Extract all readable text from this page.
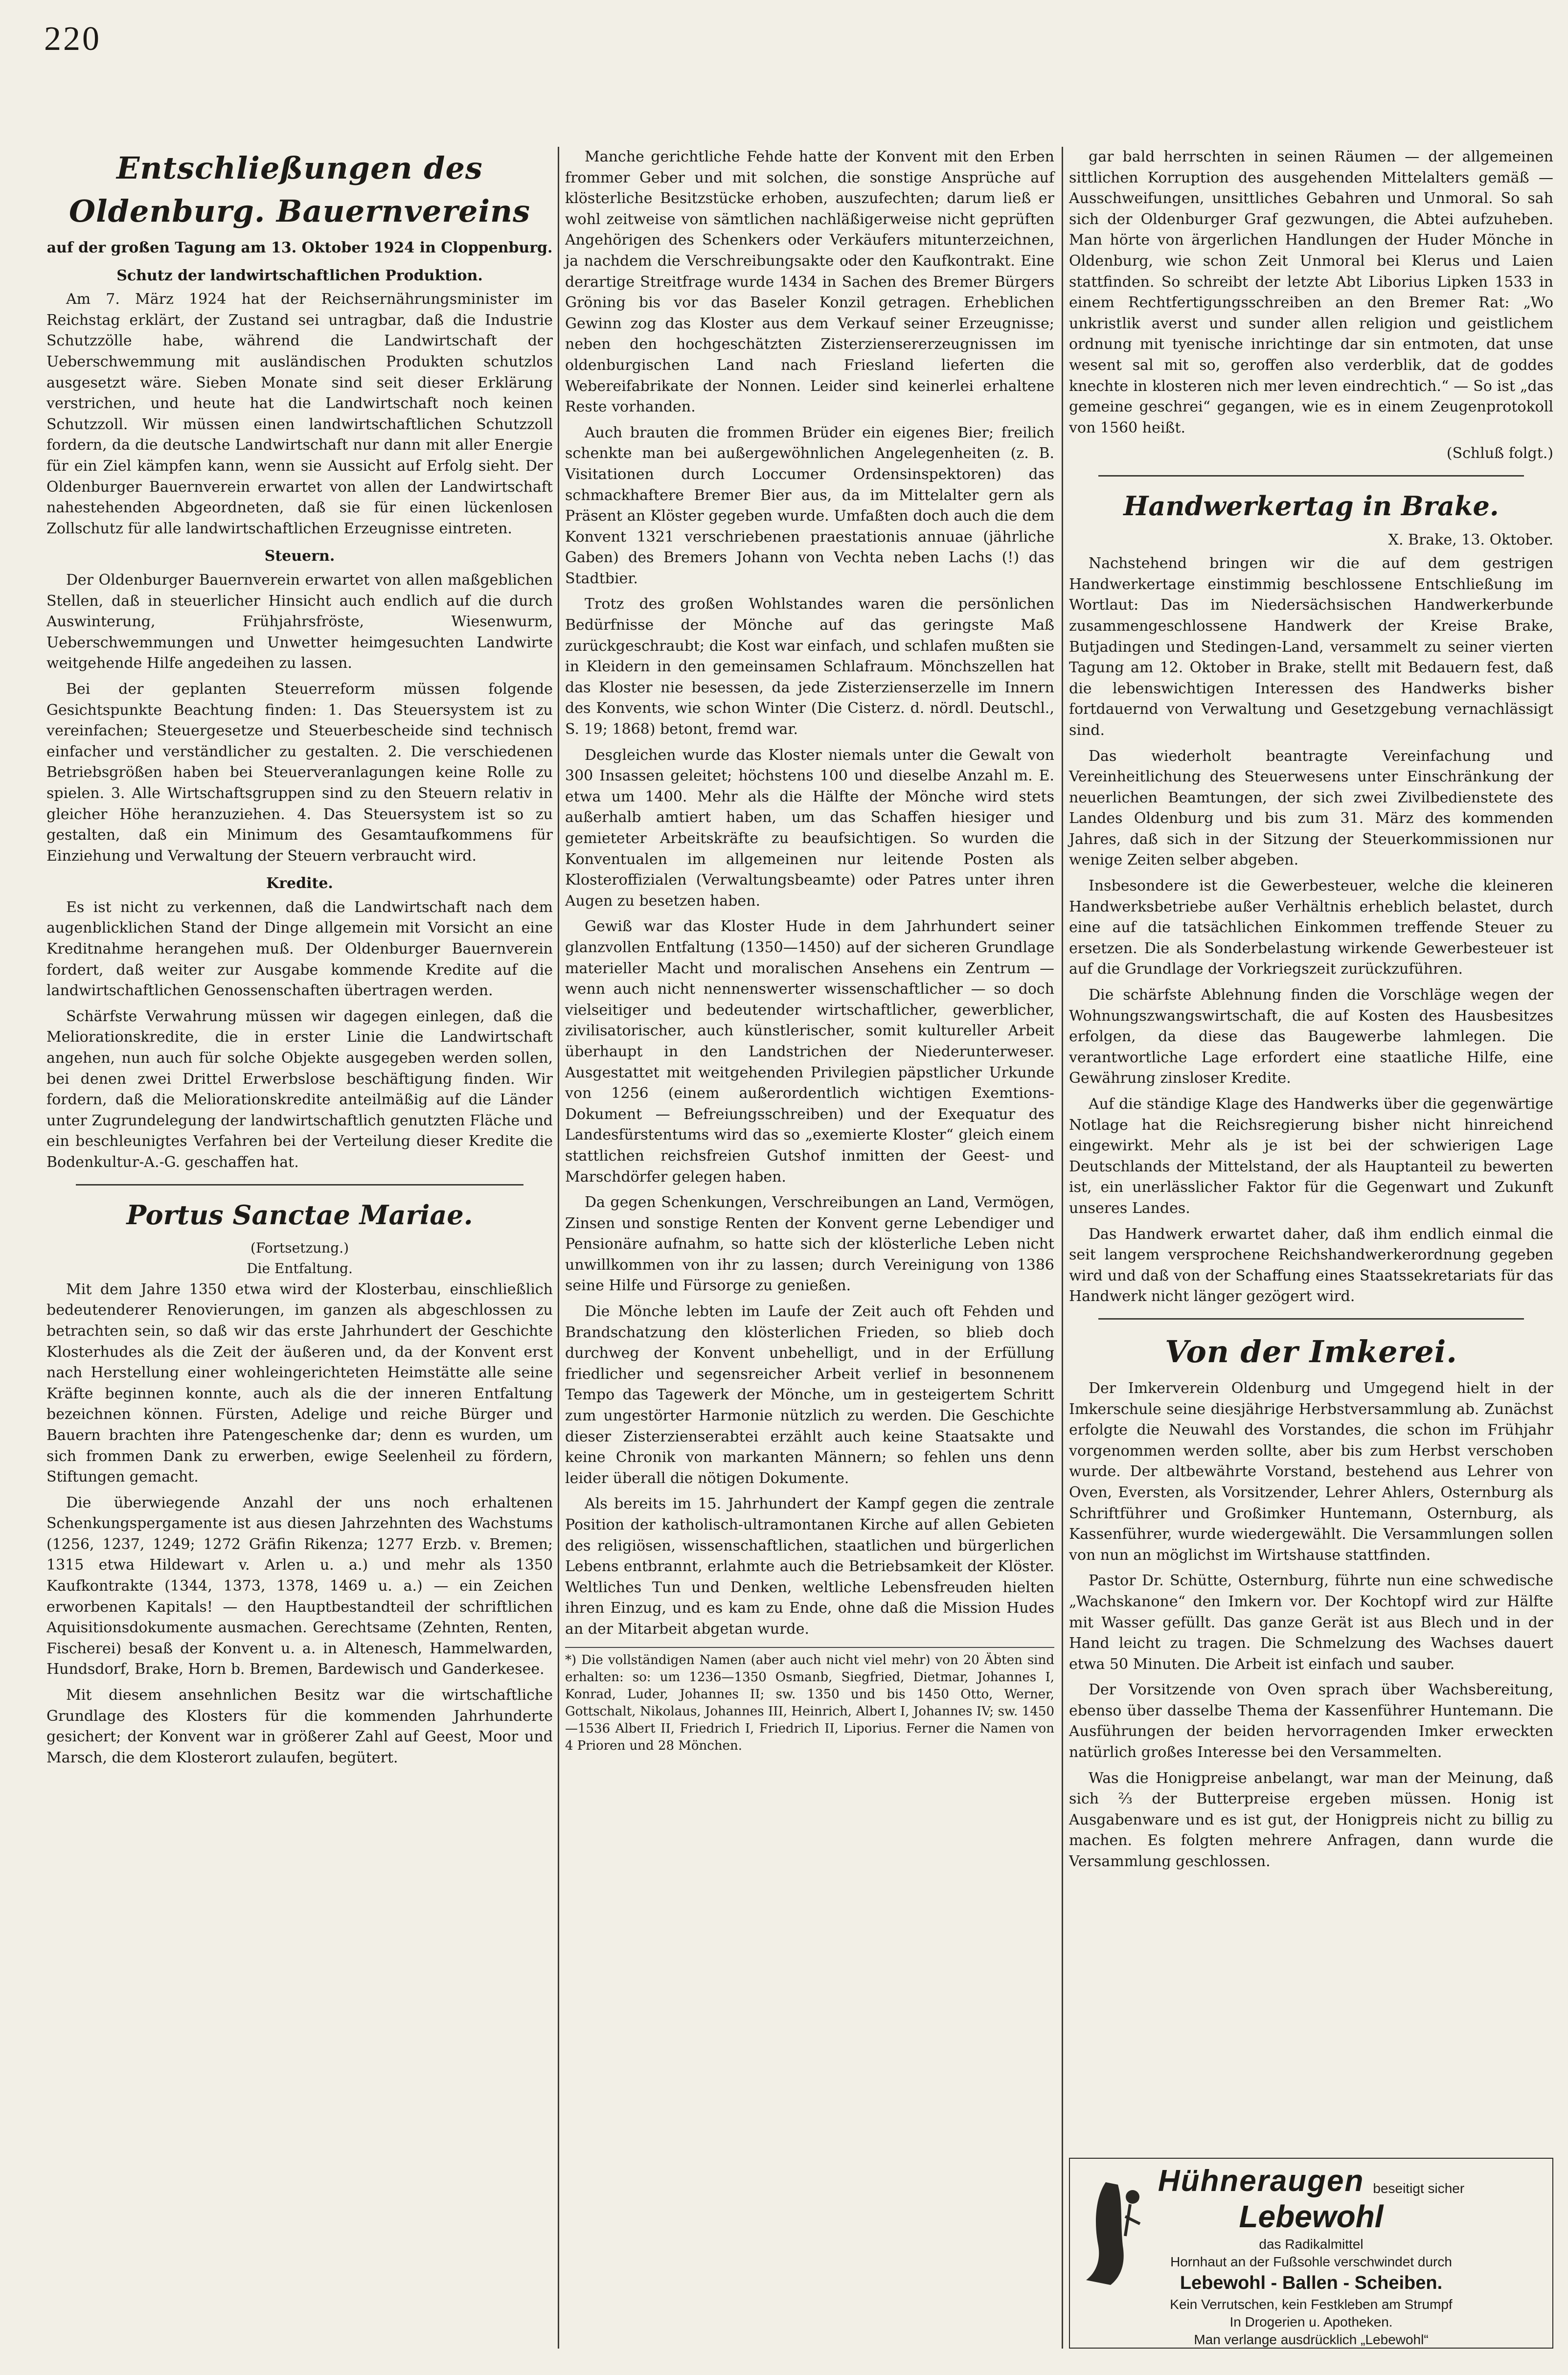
220
Entschließungen des Oldenburg. Bauernvereins
auf der großen Tagung am 13. Oktober 1924 in Cloppenburg.
Schutz der landwirtschaftlichen Produktion.

Am 7. März 1924 hat der Reichsernährungsminister im Reichstag erklärt, der Zustand sei untragbar, daß die Industrie Schutzzölle habe, während die Landwirtschaft der Ueberschwemmung mit ausländischen Produkten schutzlos ausgesetzt wäre. Sieben Monate sind seit dieser Erklärung verstrichen, und heute hat die Landwirtschaft noch keinen Schutzzoll. Wir müssen einen landwirtschaftlichen Schutzzoll fordern, da die deutsche Landwirtschaft nur dann mit aller Energie für ein Ziel kämpfen kann, wenn sie Aussicht auf Erfolg sieht. Der Oldenburger Bauernverein erwartet von allen der Landwirtschaft nahestehenden Abgeordneten, daß sie für einen lückenlosen Zollschutz für alle landwirtschaftlichen Erzeugnisse eintreten.

Steuern.

Der Oldenburger Bauernverein erwartet von allen maßgeblichen Stellen, daß in steuerlicher Hinsicht auch endlich auf die durch Auswinterung, Frühjahrsfröste, Wiesenwurm, Ueberschwemmungen und Unwetter heimgesuchten Landwirte weitgehende Hilfe angedeihen zu lassen.

Bei der geplanten Steuerreform müssen folgende Gesichtspunkte Beachtung finden: 1. Das Steuersystem ist zu vereinfachen; Steuergesetze und Steuerbescheide sind technisch einfacher und verständlicher zu gestalten. 2. Die verschiedenen Betriebsgrößen haben bei Steuerveranlagungen keine Rolle zu spielen. 3. Alle Wirtschaftsgruppen sind zu den Steuern relativ in gleicher Höhe heranzuziehen. 4. Das Steuersystem ist so zu gestalten, daß ein Minimum des Gesamtaufkommens für Einziehung und Verwaltung der Steuern verbraucht wird.

Kredite.

Es ist nicht zu verkennen, daß die Landwirtschaft nach dem augenblicklichen Stand der Dinge allgemein mit Vorsicht an eine Kreditnahme herangehen muß. Der Oldenburger Bauernverein fordert, daß weiter zur Ausgabe kommende Kredite auf die landwirtschaftlichen Genossenschaften übertragen werden.

Schärfste Verwahrung müssen wir dagegen einlegen, daß die Meliorationskredite, die in erster Linie die Landwirtschaft angehen, nun auch für solche Objekte ausgegeben werden sollen, bei denen zwei Drittel Erwerbslose beschäftigung finden. Wir fordern, daß die Meliorationskredite anteilmäßig auf die Länder unter Zugrundelegung der landwirtschaftlich genutzten Fläche und ein beschleunigtes Verfahren bei der Verteilung dieser Kredite die Bodenkultur-A.-G. geschaffen hat.

Portus Sanctae Mariae.
(Fortsetzung.)
Die Entfaltung.

Mit dem Jahre 1350 etwa wird der Klosterbau, einschließlich bedeutenderer Renovierungen, im ganzen als abgeschlossen zu betrachten sein, so daß wir das erste Jahrhundert der Geschichte Klosterhudes als die Zeit der äußeren und, da der Konvent erst nach Herstellung einer wohleingerichteten Heimstätte alle seine Kräfte beginnen konnte, auch als die der inneren Entfaltung bezeichnen können. Fürsten, Adelige und reiche Bürger und Bauern brachten ihre Patengeschenke dar; denn es wurden, um sich frommen Dank zu erwerben, ewige Seelenheil zu fördern, Stiftungen gemacht.

Die überwiegende Anzahl der uns noch erhaltenen Schenkungspergamente ist aus diesen Jahrzehnten des Wachstums (1256, 1237, 1249; 1272 Gräfin Rikenza; 1277 Erzb. v. Bremen; 1315 etwa Hildewart v. Arlen u. a.) und mehr als 1350 Kaufkontrakte (1344, 1373, 1378, 1469 u. a.) — ein Zeichen erworbenen Kapitals! — den Hauptbestandteil der schriftlichen Aquisitionsdokumente ausmachen. Gerechtsame (Zehnten, Renten, Fischerei) besaß der Konvent u. a. in Altenesch, Hammelwarden, Hundsdorf, Brake, Horn b. Bremen, Bardewisch und Ganderkesee.

Mit diesem ansehnlichen Besitz war die wirtschaftliche Grundlage des Klosters für die kommenden Jahrhunderte gesichert; der Konvent war in größerer Zahl auf Geest, Moor und Marsch, die dem Klosterort zulaufen, begütert.

Manche gerichtliche Fehde hatte der Konvent mit den Erben frommer Geber und mit solchen, die sonstige Ansprüche auf klösterliche Besitzstücke erhoben, auszufechten; darum ließ er wohl zeitweise von sämtlichen nachläßigerweise nicht geprüften Angehörigen des Schenkers oder Verkäufers mitunterzeichnen, ja nachdem die Verschreibungsakte oder den Kaufkontrakt. Eine derartige Streitfrage wurde 1434 in Sachen des Bremer Bürgers Gröning bis vor das Baseler Konzil getragen. Erheblichen Gewinn zog das Kloster aus dem Verkauf seiner Erzeugnisse; neben den hochgeschätzten Zisterziensererzeugnissen im oldenburgischen Land nach Friesland lieferten die Webereifabrikate der Nonnen. Leider sind keinerlei erhaltene Reste vorhanden.

Auch brauten die frommen Brüder ein eigenes Bier; freilich schenkte man bei außergewöhnlichen Angelegenheiten (z. B. Visitationen durch Loccumer Ordensinspektoren) das schmackhaftere Bremer Bier aus, da im Mittelalter gern als Präsent an Klöster gegeben wurde. Umfaßten doch auch die dem Konvent 1321 verschriebenen praestationis annuae (jährliche Gaben) des Bremers Johann von Vechta neben Lachs (!) das Stadtbier.

Trotz des großen Wohlstandes waren die persönlichen Bedürfnisse der Mönche auf das geringste Maß zurückgeschraubt; die Kost war einfach, und schlafen mußten sie in Kleidern in den gemeinsamen Schlafraum. Mönchszellen hat das Kloster nie besessen, da jede Zisterzienserzelle im Innern des Konvents, wie schon Winter (Die Cisterz. d. nördl. Deutschl., S. 19; 1868) betont, fremd war.

Desgleichen wurde das Kloster niemals unter die Gewalt von 300 Insassen geleitet; höchstens 100 und dieselbe Anzahl m. E. etwa um 1400. Mehr als die Hälfte der Mönche wird stets außerhalb amtiert haben, um das Schaffen hiesiger und gemieteter Arbeitskräfte zu beaufsichtigen. So wurden die Konventualen im allgemeinen nur leitende Posten als Klosteroffizialen (Verwaltungsbeamte) oder Patres unter ihren Augen zu besetzen haben.

Gewiß war das Kloster Hude in dem Jahrhundert seiner glanzvollen Entfaltung (1350—1450) auf der sicheren Grundlage materieller Macht und moralischen Ansehens ein Zentrum — wenn auch nicht nennenswerter wissenschaftlicher — so doch vielseitiger und bedeutender wirtschaftlicher, gewerblicher, zivilisatorischer, auch künstlerischer, somit kultureller Arbeit überhaupt in den Landstrichen der Niederunterweser. Ausgestattet mit weitgehenden Privilegien päpstlicher Urkunde von 1256 (einem außerordentlich wichtigen Exemtions-Dokument — Befreiungsschreiben) und der Exequatur des Landesfürstentums wird das so „exemierte Kloster“ gleich einem stattlichen reichsfreien Gutshof inmitten der Geest- und Marschdörfer gelegen haben.

Da gegen Schenkungen, Verschreibungen an Land, Vermögen, Zinsen und sonstige Renten der Konvent gerne Lebendiger und Pensionäre aufnahm, so hatte sich der klösterliche Leben nicht unwillkommen von ihr zu lassen; durch Vereinigung von 1386 seine Hilfe und Fürsorge zu genießen.

Die Mönche lebten im Laufe der Zeit auch oft Fehden und Brandschatzung den klösterlichen Frieden, so blieb doch durchweg der Konvent unbehelligt, und in der Erfüllung friedlicher und segensreicher Arbeit verlief in besonnenem Tempo das Tagewerk der Mönche, um in gesteigertem Schritt zum ungestörter Harmonie nützlich zu werden. Die Geschichte dieser Zisterzienserabtei erzählt auch keine Staatsakte und keine Chronik von markanten Männern; so fehlen uns denn leider überall die nötigen Dokumente.

Als bereits im 15. Jahrhundert der Kampf gegen die zentrale Position der katholisch-ultramontanen Kirche auf allen Gebieten des religiösen, wissenschaftlichen, staatlichen und bürgerlichen Lebens entbrannt, erlahmte auch die Betriebsamkeit der Klöster. Weltliches Tun und Denken, weltliche Lebensfreuden hielten ihren Einzug, und es kam zu Ende, ohne daß die Mission Hudes an der Mitarbeit abgetan wurde.

*) Die vollständigen Namen (aber auch nicht viel mehr) von 20 Äbten sind erhalten: so: um 1236—1350 Osmanb, Siegfried, Dietmar, Johannes I, Konrad, Luder, Johannes II; sw. 1350 und bis 1450 Otto, Werner, Gottschalt, Nikolaus, Johannes III, Heinrich, Albert I, Johannes IV; sw. 1450—1536 Albert II, Friedrich I, Friedrich II, Liporius. Ferner die Namen von 4 Prioren und 28 Mönchen.

gar bald herrschten in seinen Räumen — der allgemeinen sittlichen Korruption des ausgehenden Mittelalters gemäß — Ausschweifungen, unsittliches Gebahren und Unmoral. So sah sich der Oldenburger Graf gezwungen, die Abtei aufzuheben. Man hörte von ärgerlichen Handlungen der Huder Mönche in Oldenburg, wie schon Zeit Unmoral bei Klerus und Laien stattfinden. So schreibt der letzte Abt Liborius Lipken 1533 in einem Rechtfertigungsschreiben an den Bremer Rat: „Wo unkristlik averst und sunder allen religion und geistlichem ordnung mit tyenische inrichtinge dar sin entmoten, dat unse wesent sal mit so, geroffen also verderblik, dat de goddes knechte in klosteren nich mer leven eindrechtich.“ — So ist „das gemeine geschrei“ gegangen, wie es in einem Zeugenprotokoll von 1560 heißt.

(Schluß folgt.)
Handwerkertag in Brake.
X. Brake, 13. Oktober.

Nachstehend bringen wir die auf dem gestrigen Handwerkertage einstimmig beschlossene Entschließung im Wortlaut: Das im Niedersächsischen Handwerkerbunde zusammengeschlossene Handwerk der Kreise Brake, Butjadingen und Stedingen-Land, versammelt zu seiner vierten Tagung am 12. Oktober in Brake, stellt mit Bedauern fest, daß die lebenswichtigen Interessen des Handwerks bisher fortdauernd von Verwaltung und Gesetzgebung vernachlässigt sind.

Das wiederholt beantragte Vereinfachung und Vereinheitlichung des Steuerwesens unter Einschränkung der neuerlichen Beamtungen, der sich zwei Zivilbedienstete des Landes Oldenburg und bis zum 31. März des kommenden Jahres, daß sich in der Sitzung der Steuerkommissionen nur wenige Zeiten selber abgeben.

Insbesondere ist die Gewerbesteuer, welche die kleineren Handwerksbetriebe außer Verhältnis erheblich belastet, durch eine auf die tatsächlichen Einkommen treffende Steuer zu ersetzen. Die als Sonderbelastung wirkende Gewerbesteuer ist auf die Grundlage der Vorkriegszeit zurückzuführen.

Die schärfste Ablehnung finden die Vorschläge wegen der Wohnungszwangswirtschaft, die auf Kosten des Hausbesitzes erfolgen, da diese das Baugewerbe lahmlegen. Die verantwortliche Lage erfordert eine staatliche Hilfe, eine Gewährung zinsloser Kredite.

Auf die ständige Klage des Handwerks über die gegenwärtige Notlage hat die Reichsregierung bisher nicht hinreichend eingewirkt. Mehr als je ist bei der schwierigen Lage Deutschlands der Mittelstand, der als Hauptanteil zu bewerten ist, ein unerlässlicher Faktor für die Gegenwart und Zukunft unseres Landes.

Das Handwerk erwartet daher, daß ihm endlich einmal die seit langem versprochene Reichshandwerkerordnung gegeben wird und daß von der Schaffung eines Staatssekretariats für das Handwerk nicht länger gezögert wird.

Von der Imkerei.

Der Imkerverein Oldenburg und Umgegend hielt in der Imkerschule seine diesjährige Herbstversammlung ab. Zunächst erfolgte die Neuwahl des Vorstandes, die schon im Frühjahr vorgenommen werden sollte, aber bis zum Herbst verschoben wurde. Der altbewährte Vorstand, bestehend aus Lehrer von Oven, Eversten, als Vorsitzender, Lehrer Ahlers, Osternburg als Schriftführer und Großimker Huntemann, Osternburg, als Kassenführer, wurde wiedergewählt. Die Versammlungen sollen von nun an möglichst im Wirtshause stattfinden.

Pastor Dr. Schütte, Osternburg, führte nun eine schwedische „Wachskanone“ den Imkern vor. Der Kochtopf wird zur Hälfte mit Wasser gefüllt. Das ganze Gerät ist aus Blech und in der Hand leicht zu tragen. Die Schmelzung des Wachses dauert etwa 50 Minuten. Die Arbeit ist einfach und sauber.

Der Vorsitzende von Oven sprach über Wachsbereitung, ebenso über dasselbe Thema der Kassenführer Huntemann. Die Ausführungen der beiden hervorragenden Imker erweckten natürlich großes Interesse bei den Versammelten.

Was die Honigpreise anbelangt, war man der Meinung, daß sich ⅔ der Butterpreise ergeben müssen. Honig ist Ausgabenware und es ist gut, der Honigpreis nicht zu billig zu machen. Es folgten mehrere Anfragen, dann wurde die Versammlung geschlossen.

Hühneraugen beseitigt sicher
Lebewohl
das Radikalmittel
Hornhaut an der Fußsohle verschwindet durch
Lebewohl - Ballen - Scheiben.
Kein Verrutschen, kein Festkleben am Strumpf
In Drogerien u. Apotheken.
Man verlange ausdrücklich „Lebewohl“
